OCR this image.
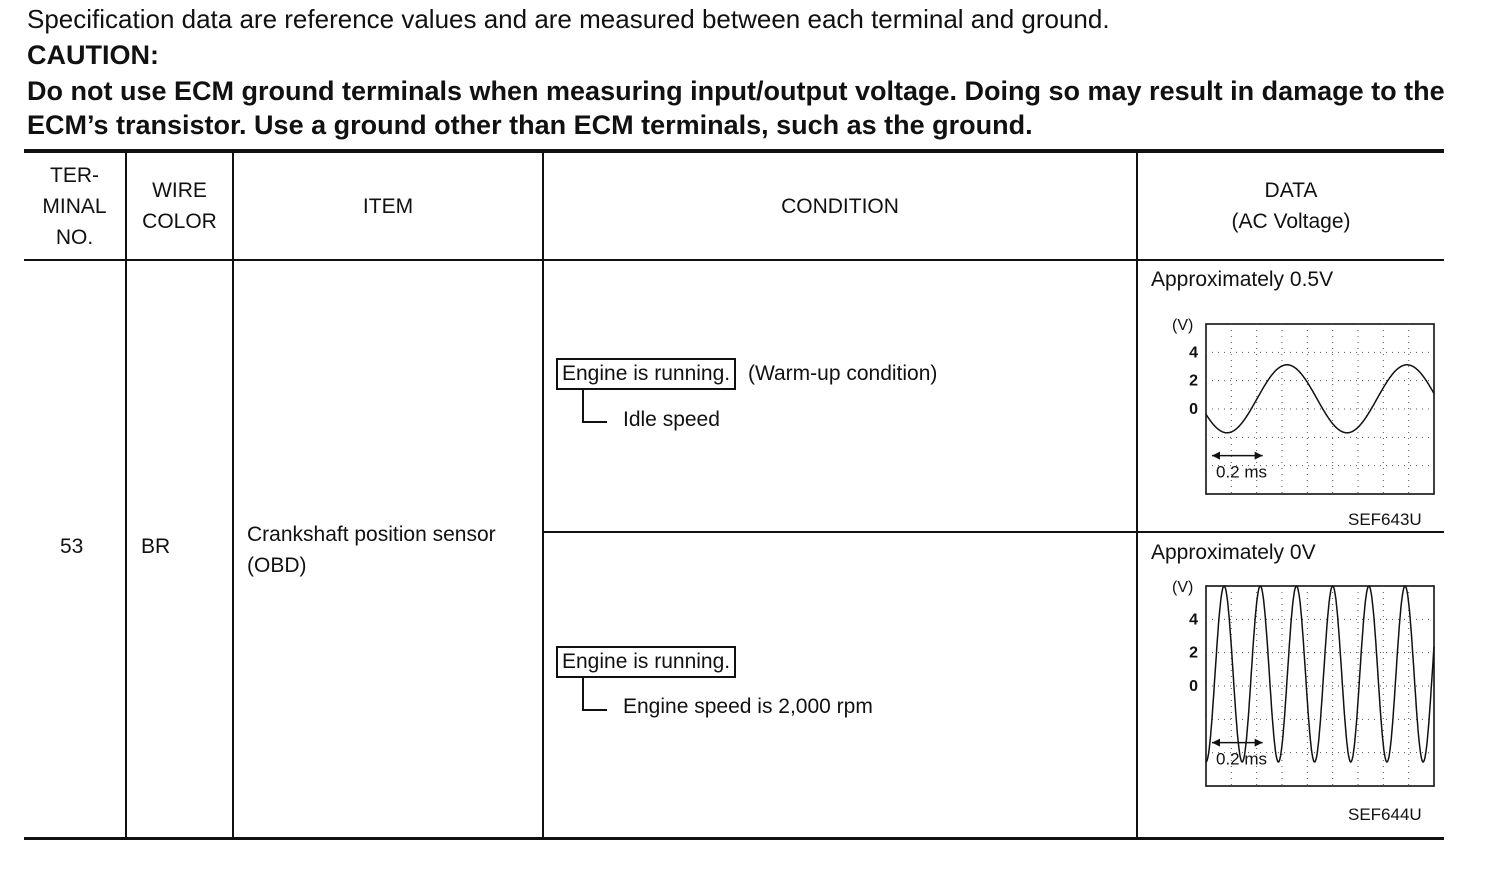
Specification data are reference values and are measured between each terminal and ground.
CAUTION:
Do not use ECM ground terminals when measuring input/output voltage. Doing so may result in damage to the ECM’s transistor. Use a ground other than ECM terminals, such as the ground.
TER-
MINAL
NO.
WIRE
COLOR
ITEM	CONDITION
DATA
(AC Voltage)
53	BR
Crankshaft position sensor
(OBD)
Engine is running. (Warm-up condition)
Idle speed
Engine is running.
Engine speed is 2,000 rpm
Approximately 0.5V
(V)
4
2
0
0.2 ms
SEF643U
Approximately 0V
(V)
4
2
0
0.2 ms
SEF644U
